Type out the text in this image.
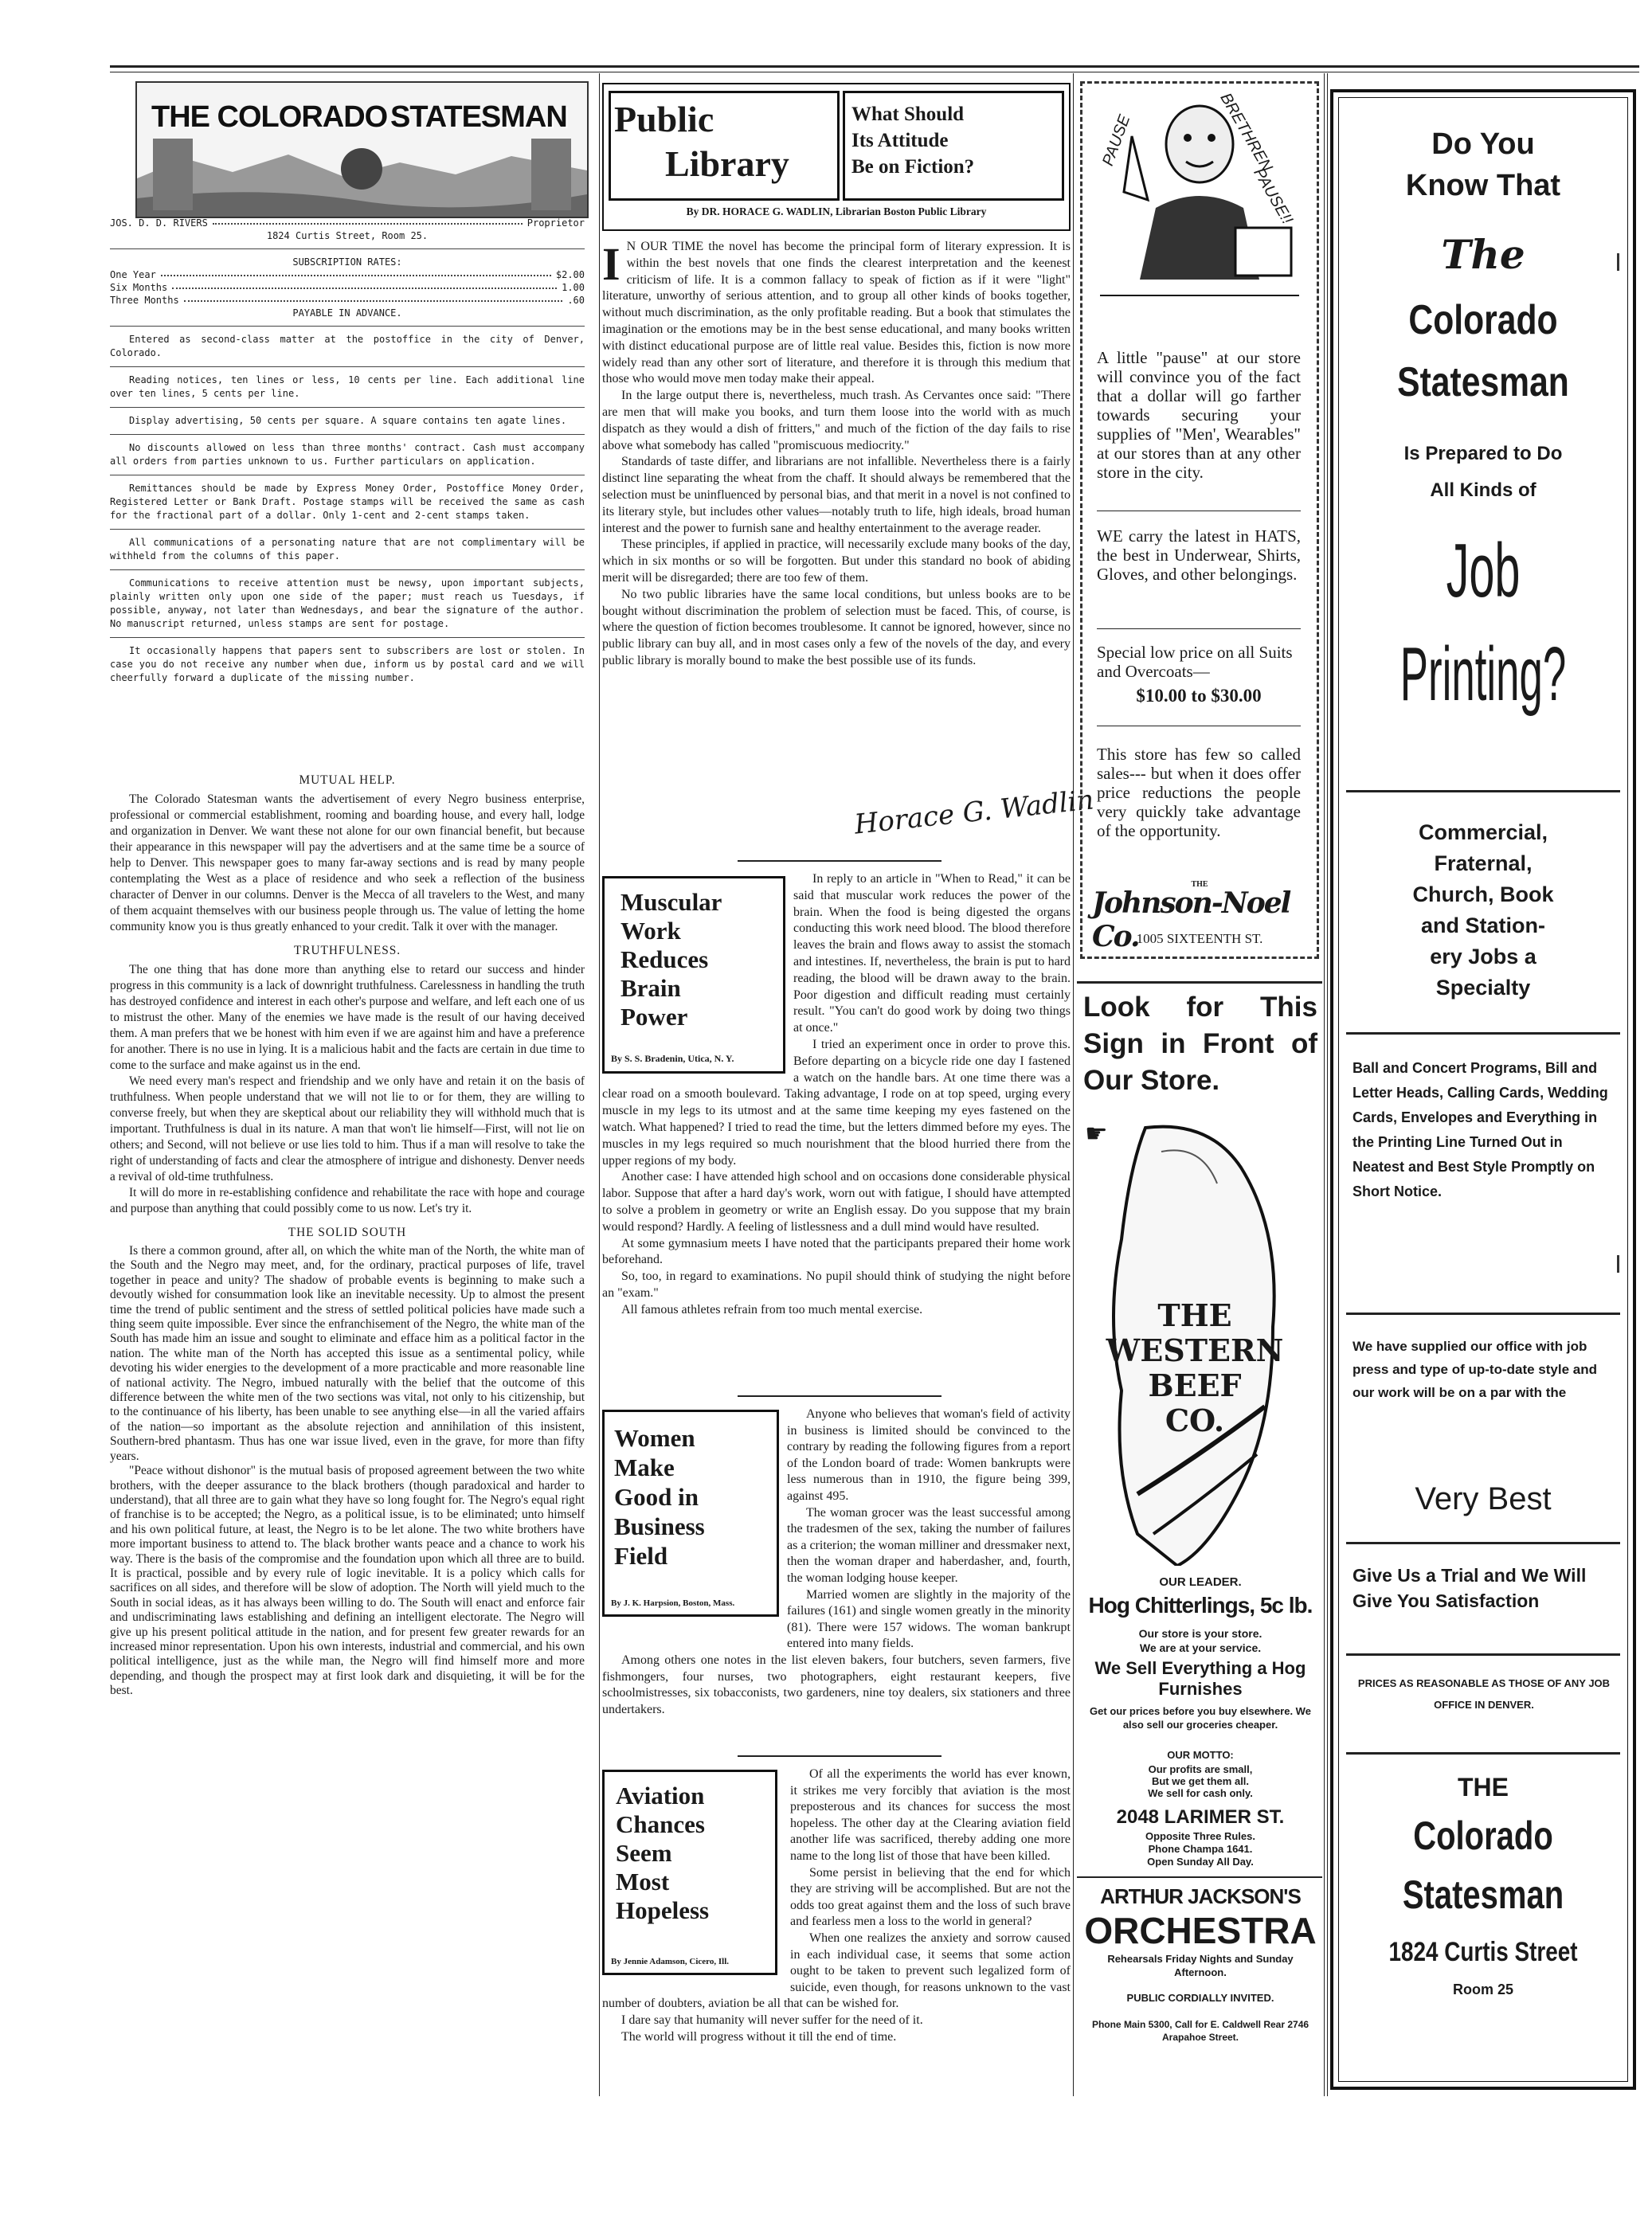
THE COLORADO STATESMAN
JOS. D. D. RIVERS	Proprietor
1824 Curtis Street, Room 25.
SUBSCRIPTION RATES:
One Year	$2.00
Six Months	1.00
Three Months	.60
PAYABLE IN ADVANCE.

Entered as second-class matter at the postoffice in the city of Denver, Colorado.

Reading notices, ten lines or less, 10 cents per line. Each additional line over ten lines, 5 cents per line.

Display advertising, 50 cents per square. A square contains ten agate lines.

No discounts allowed on less than three months' contract. Cash must accompany all orders from parties unknown to us. Further particulars on application.

Remittances should be made by Express Money Order, Postoffice Money Order, Registered Letter or Bank Draft. Postage stamps will be received the same as cash for the fractional part of a dollar. Only 1-cent and 2-cent stamps taken.

All communications of a personating nature that are not complimentary will be withheld from the columns of this paper.

Communications to receive attention must be newsy, upon important subjects, plainly written only upon one side of the paper; must reach us Tuesdays, if possible, anyway, not later than Wednesdays, and bear the signature of the author. No manuscript returned, unless stamps are sent for postage.

It occasionally happens that papers sent to subscribers are lost or stolen. In case you do not receive any number when due, inform us by postal card and we will cheerfully forward a duplicate of the missing number.

MUTUAL HELP.

The Colorado Statesman wants the advertisement of every Negro business enterprise, professional or commercial establishment, rooming and boarding house, and every hall, lodge and organization in Denver. We want these not alone for our own financial benefit, but because their appearance in this newspaper will pay the advertisers and at the same time be a source of help to Denver. This newspaper goes to many far-away sections and is read by many people contemplating the West as a place of residence and who seek a reflection of the business character of Denver in our columns. Denver is the Mecca of all travelers to the West, and many of them acquaint themselves with our business people through us. The value of letting the home community know you is thus greatly enhanced to your credit. Talk it over with the manager.

TRUTHFULNESS.

The one thing that has done more than anything else to retard our success and hinder progress in this community is a lack of downright truthfulness. Carelessness in handling the truth has destroyed confidence and interest in each other's purpose and welfare, and left each one of us to mistrust the other. Many of the enemies we have made is the result of our having deceived them. A man prefers that we be honest with him even if we are against him and have a preference for another. There is no use in lying. It is a malicious habit and the facts are certain in due time to come to the surface and make against us in the end.

We need every man's respect and friendship and we only have and retain it on the basis of truthfulness. When people understand that we will not lie to or for them, they are willing to converse freely, but when they are skeptical about our reliability they will withhold much that is important. Truthfulness is dual in its nature. A man that won't lie himself—First, will not lie on others; and Second, will not believe or use lies told to him. Thus if a man will resolve to take the right of understanding of facts and clear the atmosphere of intrigue and dishonesty. Denver needs a revival of old-time truthfulness.

It will do more in re-establishing confidence and rehabilitate the race with hope and courage and purpose than anything that could possibly come to us now. Let's try it.

THE SOLID SOUTH

Is there a common ground, after all, on which the white man of the North, the white man of the South and the Negro may meet, and, for the ordinary, practical purposes of life, travel together in peace and unity? The shadow of probable events is beginning to make such a devoutly wished for consummation look like an inevitable necessity. Up to almost the present time the trend of public sentiment and the stress of settled political policies have made such a thing seem quite impossible. Ever since the enfranchisement of the Negro, the white man of the South has made him an issue and sought to eliminate and efface him as a political factor in the nation. The white man of the North has accepted this issue as a sentimental policy, while devoting his wider energies to the development of a more practicable and more reasonable line of national activity. The Negro, imbued naturally with the belief that the outcome of this difference between the white men of the two sections was vital, not only to his citizenship, but to the continuance of his liberty, has been unable to see anything else—in all the varied affairs of the nation—so important as the absolute rejection and annihilation of this insistent, Southern-bred phantasm. Thus has one war issue lived, even in the grave, for more than fifty years.

"Peace without dishonor" is the mutual basis of proposed agreement between the two white brothers, with the deeper assurance to the black brothers (though paradoxical and harder to understand), that all three are to gain what they have so long fought for. The Negro's equal right of franchise is to be accepted; the Negro, as a political issue, is to be eliminated; unto himself and his own political future, at least, the Negro is to be let alone. The two white brothers have more important business to attend to. The black brother wants peace and a chance to work his way. There is the basis of the compromise and the foundation upon which all three are to build. It is practical, possible and by every rule of logic inevitable. It is a policy which calls for sacrifices on all sides, and therefore will be slow of adoption. The North will yield much to the South in social ideas, as it has always been willing to do. The South will enact and enforce fair and undiscriminating laws establishing and defining an intelligent electorate. The Negro will give up his present political attitude in the nation, and for present few greater rewards for an increased minor representation. Upon his own interests, industrial and commercial, and his own political intelligence, just as the while man, the Negro will find himself more and more depending, and though the prospect may at first look dark and disquieting, it will be for the best.

Public
Library
What Should
Its Attitude
Be on Fiction?
By DR. HORACE G. WADLIN, Librarian Boston Public Library
I N OUR TIME the novel has become the principal form of literary expression. It is within the best novels that one finds the clearest interpretation and the keenest criticism of life. It is a common fallacy to speak of fiction as if it were "light" literature, unworthy of serious attention, and to group all other kinds of books together, without much discrimination, as the only profitable reading. But a book that stimulates the imagination or the emotions may be in the best sense educational, and many books written with distinct educational purpose are of little real value. Besides this, fiction is now more widely read than any other sort of literature, and therefore it is through this medium that those who would move men today make their appeal.

In the large output there is, nevertheless, much trash. As Cervantes once said: "There are men that will make you books, and turn them loose into the world with as much dispatch as they would a dish of fritters," and much of the fiction of the day fails to rise above what somebody has called "promiscuous mediocrity."

Standards of taste differ, and librarians are not infallible. Nevertheless there is a fairly distinct line separating the wheat from the chaff. It should always be remembered that the selection must be uninfluenced by personal bias, and that merit in a novel is not confined to its literary style, but includes other values—notably truth to life, high ideals, broad human interest and the power to furnish sane and healthy entertainment to the average reader.

These principles, if applied in practice, will necessarily exclude many books of the day, which in six months or so will be forgotten. But under this standard no book of abiding merit will be disregarded; there are too few of them.

No two public libraries have the same local conditions, but unless books are to be bought without discrimination the problem of selection must be faced. This, of course, is where the question of fiction becomes troublesome. It cannot be ignored, however, since no public library can buy all, and in most cases only a few of the novels of the day, and every public library is morally bound to make the best possible use of its funds.

Horace G. Wadlin
Muscular
Work
Reduces
Brain
Power
By S. S. Bradenin, Utica, N. Y.

In reply to an article in "When to Read," it can be said that muscular work reduces the power of the brain. When the food is being digested the organs conducting this work need blood. The blood therefore leaves the brain and flows away to assist the stomach and intestines. If, nevertheless, the brain is put to hard reading, the blood will be drawn away to the brain. Poor digestion and difficult reading must certainly result. "You can't do good work by doing two things at once."

I tried an experiment once in order to prove this. Before departing on a bicycle ride one day I fastened a watch on the handle bars. At one time there was a clear road on a smooth boulevard. Taking advantage, I rode on at top speed, urging every muscle in my legs to its utmost and at the same time keeping my eyes fastened on the watch. What happened? I tried to read the time, but the letters dimmed before my eyes. The muscles in my legs required so much nourishment that the blood hurried there from the upper regions of my body.

Another case: I have attended high school and on occasions done considerable physical labor. Suppose that after a hard day's work, worn out with fatigue, I should have attempted to solve a problem in geometry or write an English essay. Do you suppose that my brain would respond? Hardly. A feeling of listlessness and a dull mind would have resulted.

At some gymnasium meets I have noted that the participants prepared their home work beforehand.

So, too, in regard to examinations. No pupil should think of studying the night before an "exam."

All famous athletes refrain from too much mental exercise.

Women
Make
Good in
Business
Field
By J. K. Harpsion, Boston, Mass.

Anyone who believes that woman's field of activity in business is limited should be convinced to the contrary by reading the following figures from a report of the London board of trade: Women bankrupts were less numerous than in 1910, the figure being 399, against 495.

The woman grocer was the least successful among the tradesmen of the sex, taking the number of failures as a criterion; the woman milliner and dressmaker next, then the woman draper and haberdasher, and, fourth, the woman lodging house keeper.

Married women are slightly in the majority of the failures (161) and single women greatly in the minority (81). There were 157 widows. The woman bankrupt entered into many fields.

Among others one notes in the list eleven bakers, four butchers, seven farmers, five fishmongers, four nurses, two photographers, eight restaurant keepers, five schoolmistresses, six tobacconists, two gardeners, nine toy dealers, six stationers and three undertakers.

Aviation
Chances
Seem
Most
Hopeless
By Jennie Adamson, Cicero, Ill.

Of all the experiments the world has ever known, it strikes me very forcibly that aviation is the most preposterous and its chances for success the most hopeless. The other day at the Clearing aviation field another life was sacrificed, thereby adding one more name to the long list of those that have been killed.

Some persist in believing that the end for which they are striving will be accomplished. But are not the odds too great against them and the loss of such brave and fearless men a loss to the world in general?

When one realizes the anxiety and sorrow caused in each individual case, it seems that some action ought to be taken to prevent such legalized form of suicide, even though, for reasons unknown to the vast number of doubters, aviation be all that can be wished for.

I dare say that humanity will never suffer for the need of it.

The world will progress without it till the end of time.

PAUSE	BRETHREN
PAUSE!!
A little "pause" at our store will convince you of the fact that a dollar will go farther towards securing your supplies of "Men', Wearables" at our stores than at any other store in the city.
WE carry the latest in HATS, the best in Underwear, Shirts, Gloves, and other belongings.
Special low price on all Suits and Overcoats—
$10.00 to $30.00
This store has few so called sales--- but when it does offer price reductions the people very quickly take advantage of the opportunity.
THE
Johnson-Noel Co.
1005 SIXTEENTH ST.
Look for This Sign in Front of Our Store.
☛
THE
WESTERN
BEEF
CO.
OUR LEADER.
Hog Chitterlings, 5c lb.
Our store is your store.
We are at your service.
We Sell Everything a Hog Furnishes
Get our prices before you buy elsewhere. We also sell our groceries cheaper.
OUR MOTTO:
Our profits are small,
But we get them all.
We sell for cash only.
2048 LARIMER ST.
Opposite Three Rules.
Phone Champa 1641.
Open Sunday All Day.
ARTHUR JACKSON'S
ORCHESTRA
Rehearsals Friday Nights and Sunday Afternoon.
PUBLIC CORDIALLY INVITED.
Phone Main 5300, Call for E. Caldwell Rear 2746 Arapahoe Street.
Do You
Know That
The
Colorado
Statesman
Is Prepared to Do
All Kinds of
Job
Printing?
Commercial,
Fraternal,
Church, Book
and Station-
ery Jobs a
Specialty
Ball and Concert Programs, Bill and Letter Heads, Calling Cards, Wedding Cards, Envelopes and Everything in the Printing Line Turned Out in Neatest and Best Style Promptly on Short Notice.
We have supplied our office with job press and type of up-to-date style and our work will be on a par with the
Very Best
Give Us a Trial and We Will Give You Satisfaction
PRICES AS REASONABLE AS THOSE OF ANY JOB OFFICE IN DENVER.
THE
Colorado
Statesman
1824 Curtis Street
Room 25
